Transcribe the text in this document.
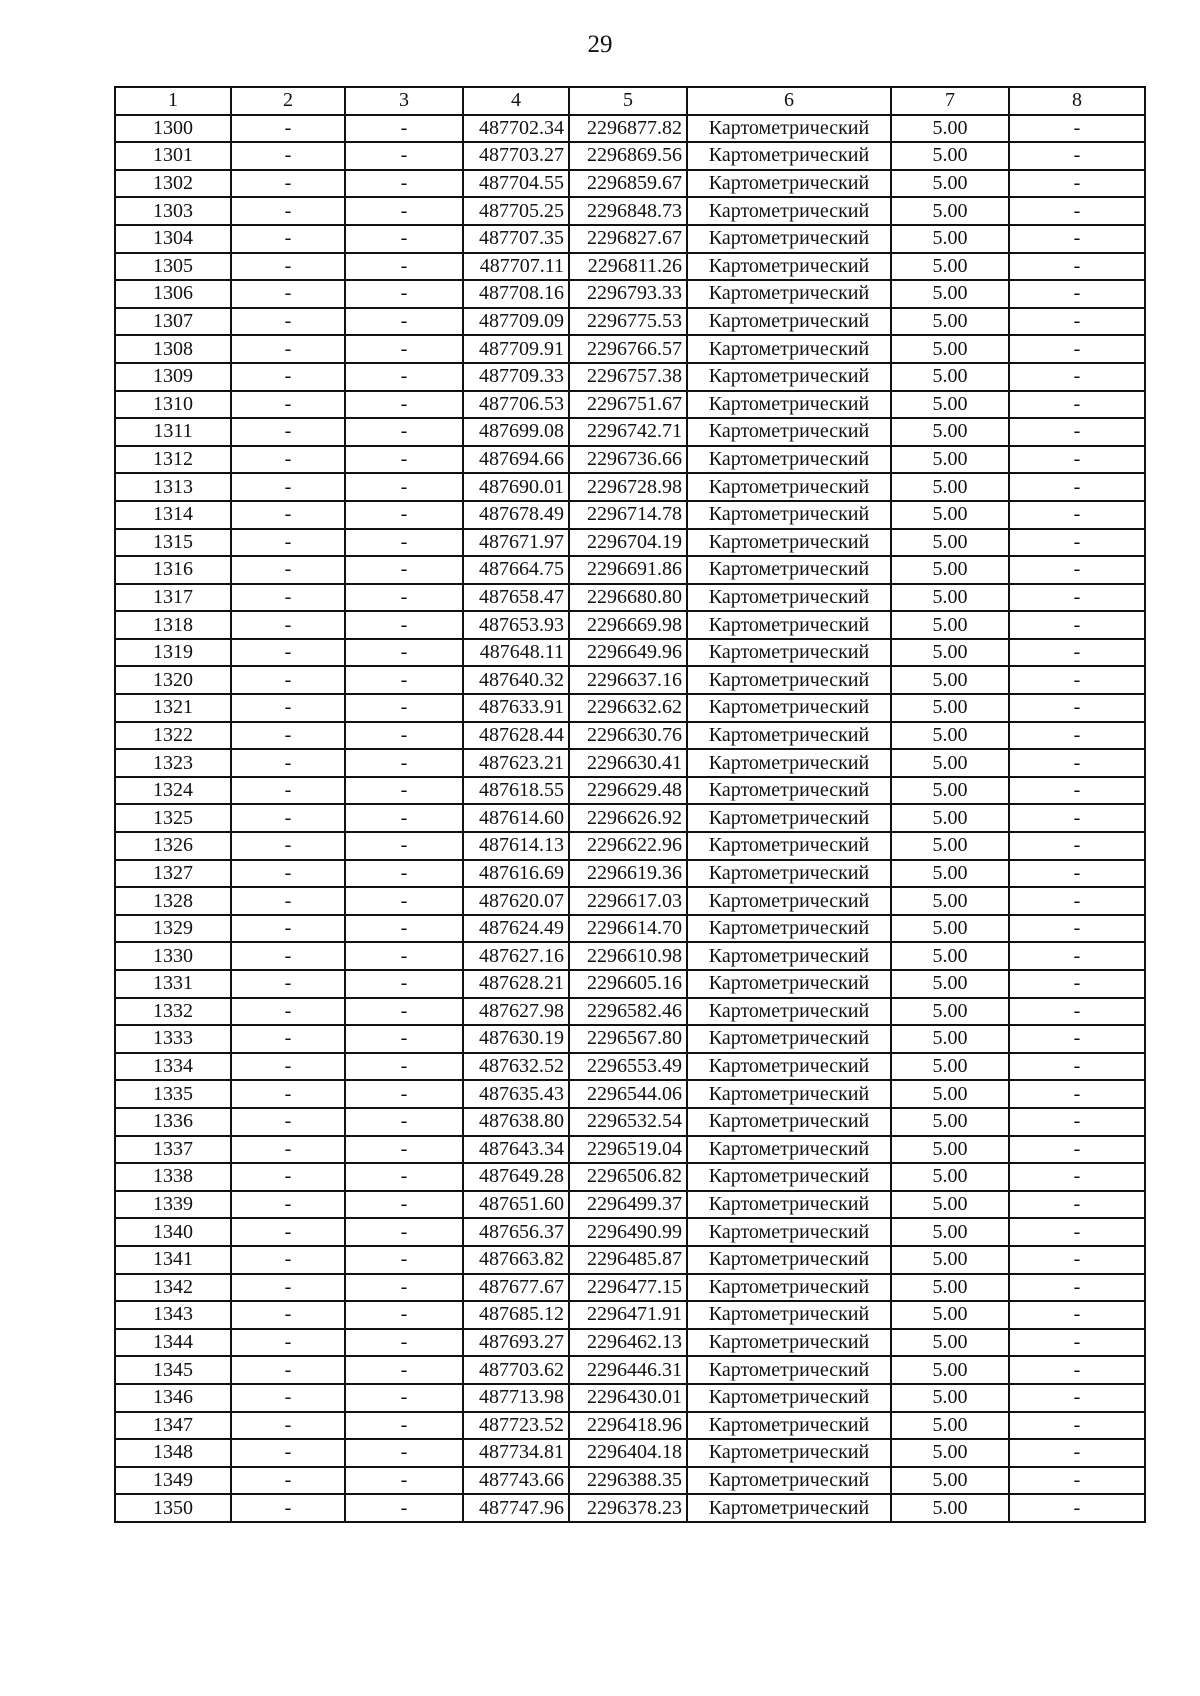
29
1	2	3	4	5	6	7	8
1300	-	-	487702.34	2296877.82	Картометрический	5.00	-
1301	-	-	487703.27	2296869.56	Картометрический	5.00	-
1302	-	-	487704.55	2296859.67	Картометрический	5.00	-
1303	-	-	487705.25	2296848.73	Картометрический	5.00	-
1304	-	-	487707.35	2296827.67	Картометрический	5.00	-
1305	-	-	487707.11	2296811.26	Картометрический	5.00	-
1306	-	-	487708.16	2296793.33	Картометрический	5.00	-
1307	-	-	487709.09	2296775.53	Картометрический	5.00	-
1308	-	-	487709.91	2296766.57	Картометрический	5.00	-
1309	-	-	487709.33	2296757.38	Картометрический	5.00	-
1310	-	-	487706.53	2296751.67	Картометрический	5.00	-
1311	-	-	487699.08	2296742.71	Картометрический	5.00	-
1312	-	-	487694.66	2296736.66	Картометрический	5.00	-
1313	-	-	487690.01	2296728.98	Картометрический	5.00	-
1314	-	-	487678.49	2296714.78	Картометрический	5.00	-
1315	-	-	487671.97	2296704.19	Картометрический	5.00	-
1316	-	-	487664.75	2296691.86	Картометрический	5.00	-
1317	-	-	487658.47	2296680.80	Картометрический	5.00	-
1318	-	-	487653.93	2296669.98	Картометрический	5.00	-
1319	-	-	487648.11	2296649.96	Картометрический	5.00	-
1320	-	-	487640.32	2296637.16	Картометрический	5.00	-
1321	-	-	487633.91	2296632.62	Картометрический	5.00	-
1322	-	-	487628.44	2296630.76	Картометрический	5.00	-
1323	-	-	487623.21	2296630.41	Картометрический	5.00	-
1324	-	-	487618.55	2296629.48	Картометрический	5.00	-
1325	-	-	487614.60	2296626.92	Картометрический	5.00	-
1326	-	-	487614.13	2296622.96	Картометрический	5.00	-
1327	-	-	487616.69	2296619.36	Картометрический	5.00	-
1328	-	-	487620.07	2296617.03	Картометрический	5.00	-
1329	-	-	487624.49	2296614.70	Картометрический	5.00	-
1330	-	-	487627.16	2296610.98	Картометрический	5.00	-
1331	-	-	487628.21	2296605.16	Картометрический	5.00	-
1332	-	-	487627.98	2296582.46	Картометрический	5.00	-
1333	-	-	487630.19	2296567.80	Картометрический	5.00	-
1334	-	-	487632.52	2296553.49	Картометрический	5.00	-
1335	-	-	487635.43	2296544.06	Картометрический	5.00	-
1336	-	-	487638.80	2296532.54	Картометрический	5.00	-
1337	-	-	487643.34	2296519.04	Картометрический	5.00	-
1338	-	-	487649.28	2296506.82	Картометрический	5.00	-
1339	-	-	487651.60	2296499.37	Картометрический	5.00	-
1340	-	-	487656.37	2296490.99	Картометрический	5.00	-
1341	-	-	487663.82	2296485.87	Картометрический	5.00	-
1342	-	-	487677.67	2296477.15	Картометрический	5.00	-
1343	-	-	487685.12	2296471.91	Картометрический	5.00	-
1344	-	-	487693.27	2296462.13	Картометрический	5.00	-
1345	-	-	487703.62	2296446.31	Картометрический	5.00	-
1346	-	-	487713.98	2296430.01	Картометрический	5.00	-
1347	-	-	487723.52	2296418.96	Картометрический	5.00	-
1348	-	-	487734.81	2296404.18	Картометрический	5.00	-
1349	-	-	487743.66	2296388.35	Картометрический	5.00	-
1350	-	-	487747.96	2296378.23	Картометрический	5.00	-
